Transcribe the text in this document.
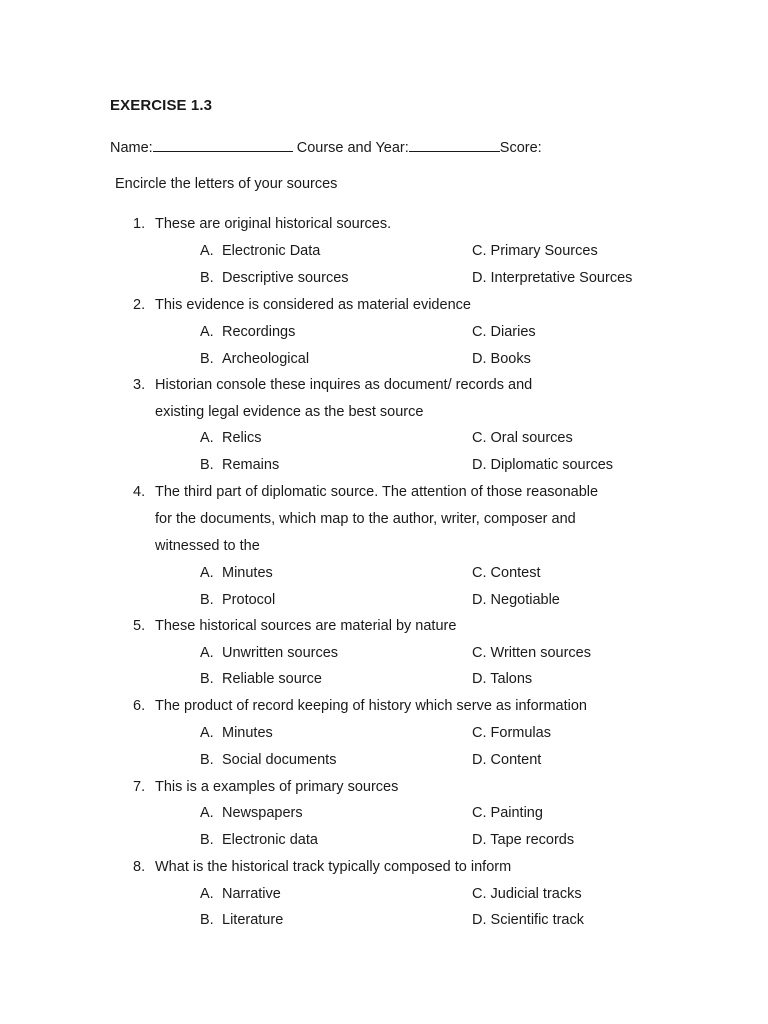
EXERCISE 1.3
Name:	Course and Year:	Score:
Encircle the letters of your sources
1. These are original historical sources.
A. Electronic Data	C. Primary Sources
B. Descriptive sources	D. Interpretative Sources
2. This evidence is considered as material evidence
A. Recordings	C. Diaries
B. Archeological	D. Books
3. Historian console these inquires as document/ records and
existing legal evidence as the best source
A. Relics	C. Oral sources
B. Remains	D. Diplomatic sources
4. The third part of diplomatic source. The attention of those reasonable
for the documents, which map to the author, writer, composer and
witnessed to the
A. Minutes	C. Contest
B. Protocol	D. Negotiable
5. These historical sources are material by nature
A. Unwritten sources	C. Written sources
B. Reliable source	D. Talons
6. The product of record keeping of history which serve as information
A. Minutes	C. Formulas
B. Social documents	D. Content
7. This is a examples of primary sources
A. Newspapers	C. Painting
B. Electronic data	D. Tape records
8. What is the historical track typically composed to inform
A. Narrative	C. Judicial tracks
B. Literature	D. Scientific track
